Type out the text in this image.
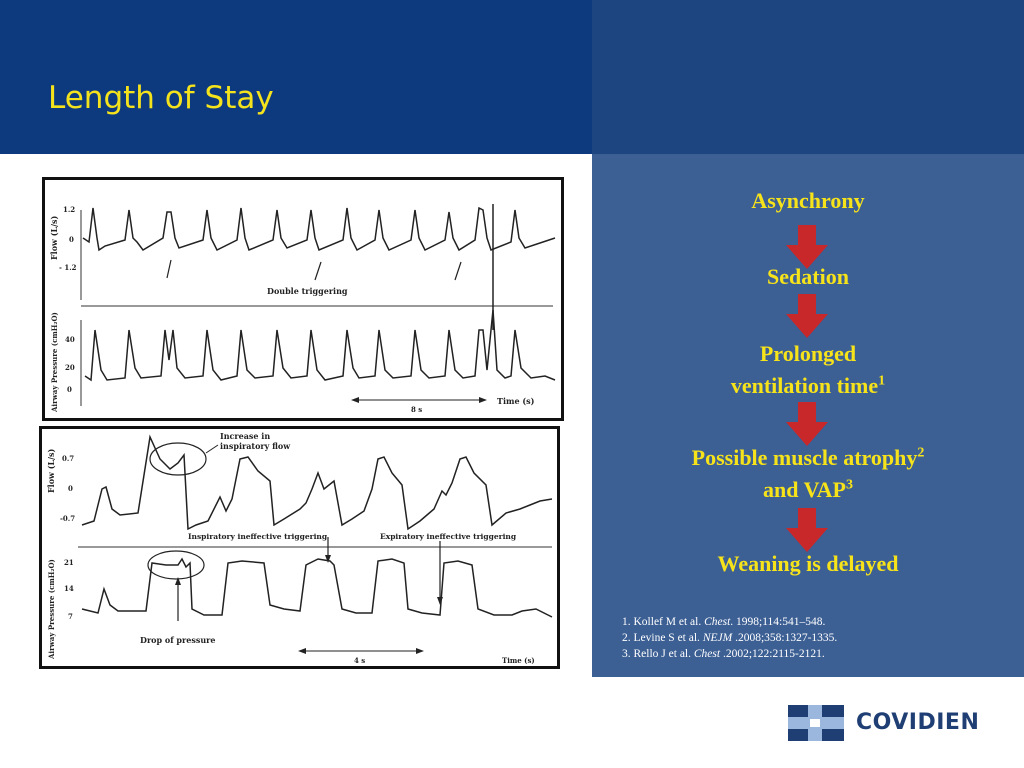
Length of Stay
Flow (L/s)
1.2
0
- 1.2
Double triggering
Airway Pressure (cmH₂O) 40
20
0
8 s
Time (s)
Flow (L/s) 0.7
0
-0.7
Increase in
inspiratory flow
Inspiratory ineffective triggering	Expiratory ineffective triggering
Airway Pressure (cmH₂O) 21
14
7
Drop of pressure
4 s	Time (s)
Asynchrony
Sedation
Prolonged
ventilation time$^1$
Possible muscle atrophy$^2$
and VAP$^3$
Weaning is delayed
1. Kollef M et al. Chest. 1998;114:541–548.
2. Levine S et al. NEJM .2008;358:1327-1335.
3. Rello J et al. Chest .2002;122:2115-2121.
COVIDIEN
